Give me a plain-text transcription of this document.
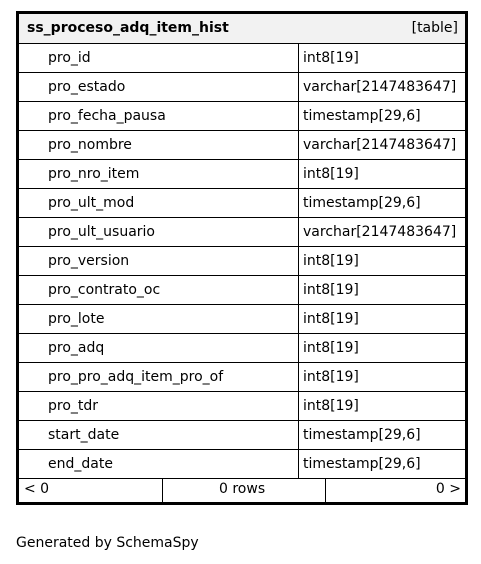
ss_proceso_adq_item_hist	[table]
pro_id	int8[19]
pro_estado	varchar[2147483647]
pro_fecha_pausa	timestamp[29,6]
pro_nombre	varchar[2147483647]
pro_nro_item	int8[19]
pro_ult_mod	timestamp[29,6]
pro_ult_usuario	varchar[2147483647]
pro_version	int8[19]
pro_contrato_oc	int8[19]
pro_lote	int8[19]
pro_adq	int8[19]
pro_pro_adq_item_pro_of	int8[19]
pro_tdr	int8[19]
start_date	timestamp[29,6]
end_date	timestamp[29,6]
< 0	0 rows	0 >
Generated by SchemaSpy
